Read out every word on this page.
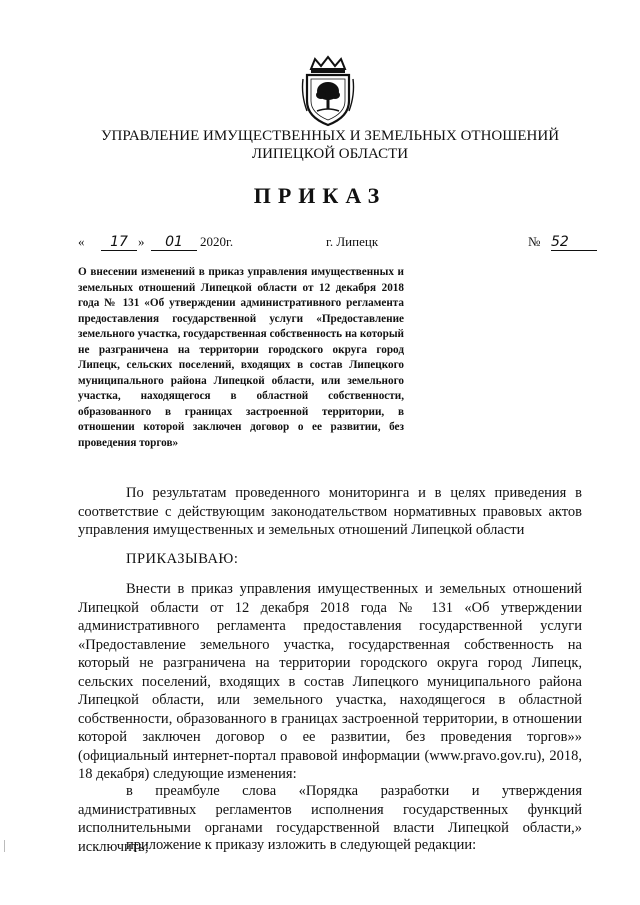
УПРАВЛЕНИЕ ИМУЩЕСТВЕННЫХ И ЗЕМЕЛЬНЫХ ОТНОШЕНИЙ
ЛИПЕЦКОЙ ОБЛАСТИ
ПРИКАЗ
«	17 »	01	2020г.	г. Липецк	№ 52

О внесении изменений в приказ управления имущественных и земельных отношений Липецкой области от 12 декабря 2018 года № 131 «Об утверждении административного регламента предоставления государственной услуги «Предоставление земельного участка, государственная собственность на который не разграничена на территории городского округа город Липецк, сельских поселений, входящих в состав Липецкого муниципального района Липецкой области, или земельного участка, находящегося в областной собственности, образованного в границах застроенной территории, в отношении которой заключен договор о ее развитии, без проведения торгов»

По результатам проведенного мониторинга и в целях приведения в соответствие с действующим законодательством нормативных правовых актов управления имущественных и земельных отношений Липецкой области

ПРИКАЗЫВАЮ:

Внести в приказ управления имущественных и земельных отношений Липецкой области от 12 декабря 2018 года № 131 «Об утверждении административного регламента предоставления государственной услуги «Предоставление земельного участка, государственная собственность на который не разграничена на территории городского округа город Липецк, сельских поселений, входящих в состав Липецкого муниципального района Липецкой области, или земельного участка, находящегося в областной собственности, образованного в границах застроенной территории, в отношении которой заключен договор о ее развитии, без проведения торгов»» (официальный интернет-портал правовой информации (www.pravo.gov.ru), 2018, 18 декабря) следующие изменения:

в преамбуле слова «Порядка разработки и утверждения административных регламентов исполнения государственных функций исполнительными органами государственной власти Липецкой области,» исключить;

приложение к приказу изложить в следующей редакции:
